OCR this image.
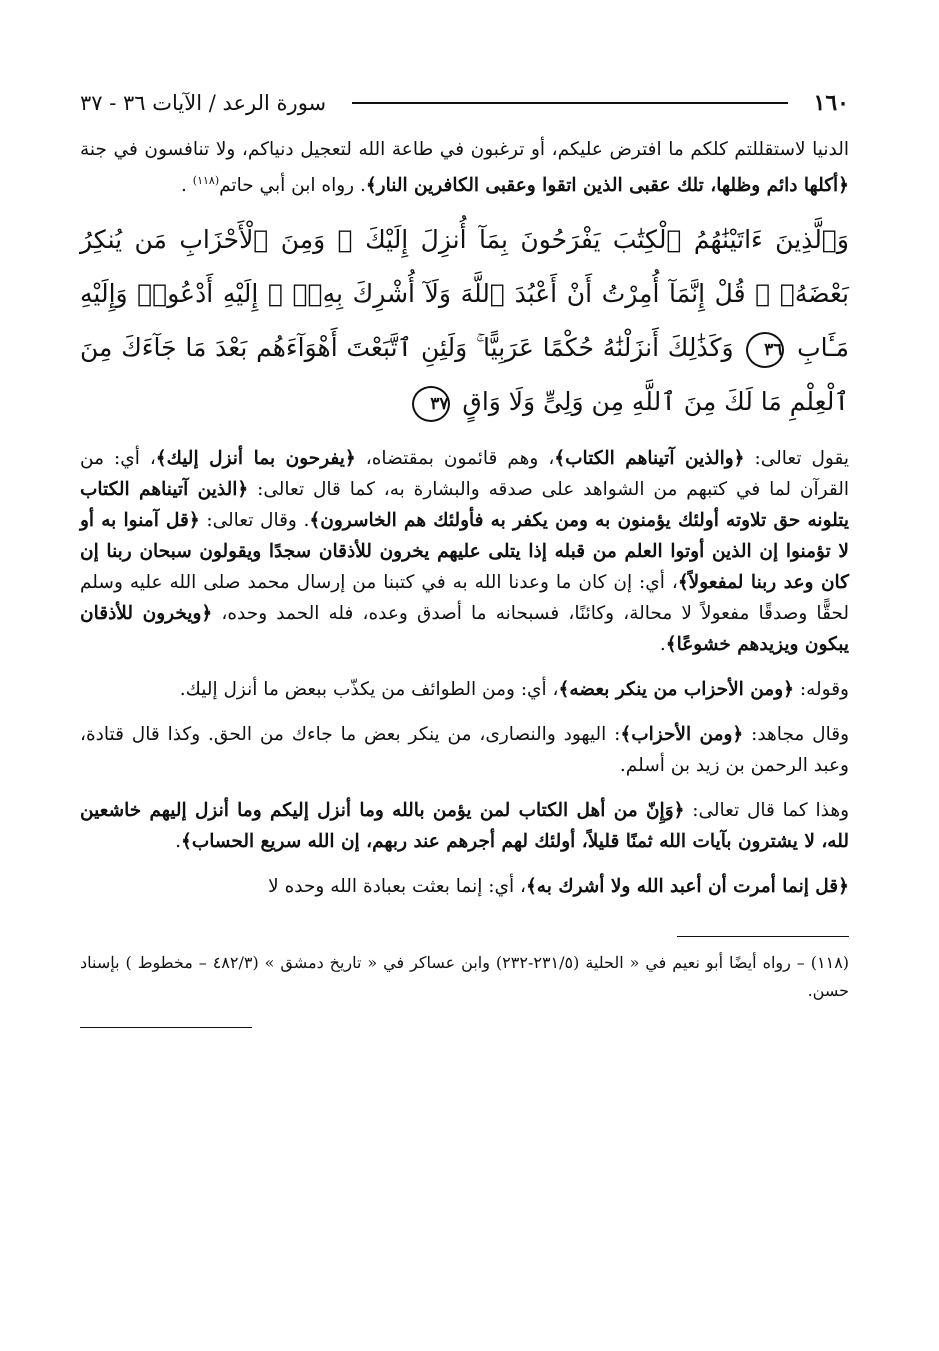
١٦٠
سورة الرعد / الآيات ٣٦ - ٣٧

الدنيا لاستقللتم كلكم ما افترض عليكم، أو ترغبون في طاعة الله لتعجيل دنياكم، ولا تنافسون في جنة ﴿أكلها دائم وظلها، تلك عقبى الذين اتقوا وعقبى الكافرين النار﴾. رواه ابن أبي حاتم$^{(١١٨)}$ .

وَٱلَّذِينَ ءَاتَيْنَٰهُمُ ٱلْكِتَٰبَ يَفْرَحُونَ بِمَآ أُنزِلَ إِلَيْكَ ۖ وَمِنَ ٱلْأَحْزَابِ مَن يُنكِرُ بَعْضَهُۥ ۚ قُلْ إِنَّمَآ أُمِرْتُ أَنْ أَعْبُدَ ٱللَّهَ وَلَآ أُشْرِكَ بِهِۦٓ ۚ إِلَيْهِ أَدْعُوا۟ وَإِلَيْهِ مَـَٔابِ ٣٦ وَكَذَٰلِكَ أَنزَلْنَٰهُ حُكْمًا عَرَبِيًّا ۚ وَلَئِنِ ٱتَّبَعْتَ أَهْوَآءَهُم بَعْدَ مَا جَآءَكَ مِنَ ٱلْعِلْمِ مَا لَكَ مِنَ ٱللَّهِ مِن وَلِىٍّ وَلَا وَاقٍ ٣٧

يقول تعالى: ﴿والذين آتيناهم الكتاب﴾، وهم قائمون بمقتضاه، ﴿يفرحون بما أنزل إليك﴾، أي: من القرآن لما في كتبهم من الشواهد على صدقه والبشارة به، كما قال تعالى: ﴿الذين آتيناهم الكتاب يتلونه حق تلاوته أولئك يؤمنون به ومن يكفر به فأولئك هم الخاسرون﴾. وقال تعالى: ﴿قل آمنوا به أو لا تؤمنوا إن الذين أوتوا العلم من قبله إذا يتلى عليهم يخرون للأذقان سجدًا ويقولون سبحان ربنا إن كان وعد ربنا لمفعولاً﴾، أي: إن كان ما وعدنا الله به في كتبنا من إرسال محمد صلى الله عليه وسلم لحقًّا وصدقًا مفعولاً لا محالة، وكائنًا، فسبحانه ما أصدق وعده، فله الحمد وحده، ﴿ويخرون للأذقان يبكون ويزيدهم خشوعًا﴾.

وقوله: ﴿ومن الأحزاب من ينكر بعضه﴾، أي: ومن الطوائف من يكذّب ببعض ما أنزل إليك.

وقال مجاهد: ﴿ومن الأحزاب﴾: اليهود والنصارى، من ينكر بعض ما جاءك من الحق. وكذا قال قتادة، وعبد الرحمن بن زيد بن أسلم.

وهذا كما قال تعالى: ﴿وَإِنّ من أهل الكتاب لمن يؤمن بالله وما أنزل إليكم وما أنزل إليهم خاشعين لله، لا يشترون بآيات الله ثمنًا قليلاً، أولئك لهم أجرهم عند ربهم، إن الله سريع الحساب﴾.

﴿قل إنما أمرت أن أعبد الله ولا أشرك به﴾، أي: إنما بعثت بعبادة الله وحده لا

(١١٨) – رواه أيضًا أبو نعيم في « الحلية (٢٣١/٥-٢٣٢) وابن عساكر في « تاريخ دمشق » (٤٨٢/٣ – مخطوط ) بإسناد حسن.
